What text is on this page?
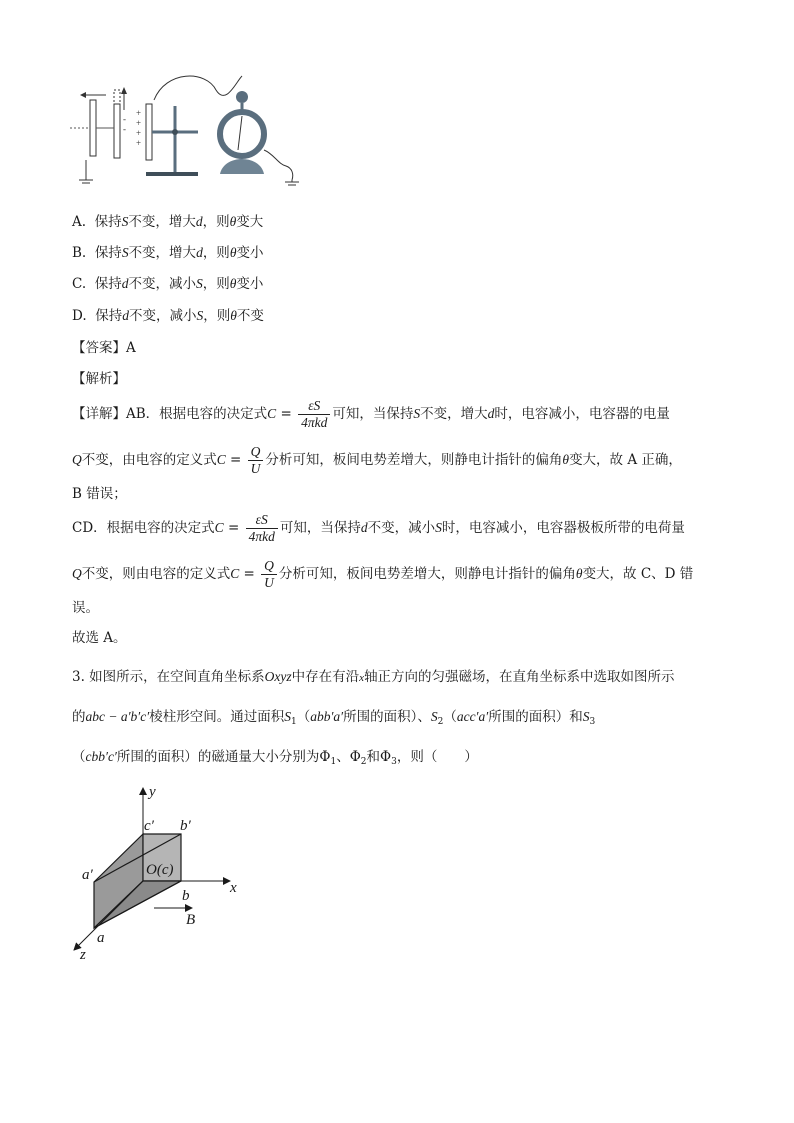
-
-
+
+
+
+
A. 保持S不变，增大d，则θ变大
B. 保持S不变，增大d，则θ变小
C. 保持d不变，减小S，则θ变小
D. 保持d不变，减小S，则θ不变
【答案】A
【解析】
【详解】AB．根据电容的决定式$C = \frac{\varepsilon S}{\text{4πkd}}$ 可知，当保持S不变，增大d时，电容减小，电容器的电量
Q不变，由电容的定义式$C = \frac{Q}{U}$ 分析可知，板间电势差增大，则静电计指针的偏角θ变大，故 A 正确，
B 错误；
CD．根据电容的决定式$C = \frac{\varepsilon S}{\text{4πkd}}$ 可知，当保持d不变，减小S时，电容减小，电容器极板所带的电荷量
Q不变，则由电容的定义式$C = \frac{Q}{U}$ 分析可知，板间电势差增大，则静电计指针的偏角θ变大，故 C、D 错
误。
故选 A。
3. 如图所示，在空间直角坐标系Oxyz中存在有沿x轴正方向的匀强磁场，在直角坐标系中选取如图所示
的abc − a′b′c′棱柱形空间。通过面积$S_1(abb'a'$所围的面积）、$S_2(acc'a'$所围的面积）和$S_3$
（cbb′c′所围的面积）的磁通量大小分别为$\Phi_1$、$\Phi_2$和$\Phi_3$，则（　　）
y
x
z
c′ b′
a′	O(c)
b
a
B
